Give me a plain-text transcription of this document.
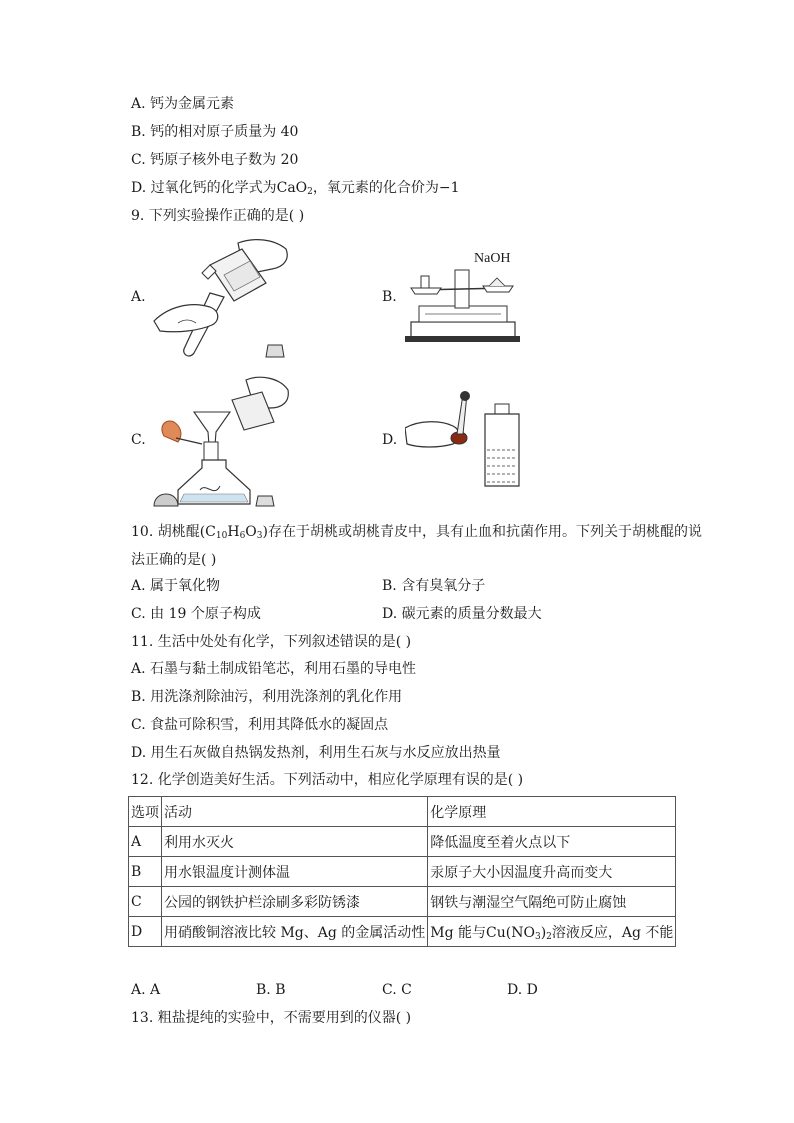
A. 钙为金属元素
B. 钙的相对原子质量为 40
C. 钙原子核外电子数为 20
D. 过氧化钙的化学式为CaO$_2$，氧元素的化合价为−1
9. 下列实验操作正确的是( )
A.	B.
C.	D.
NaOH
10. 胡桃醌$(C_{10}H_6O_3)$存在于胡桃或胡桃青皮中，具有止血和抗菌作用。下列关于胡桃醌的说
法正确的是( )
A. 属于氧化物	B. 含有臭氧分子
C. 由 19 个原子构成	D. 碳元素的质量分数最大
11. 生活中处处有化学，下列叙述错误的是( )
A. 石墨与黏土制成铅笔芯，利用石墨的导电性
B. 用洗涤剂除油污，利用洗涤剂的乳化作用
C. 食盐可除积雪，利用其降低水的凝固点
D. 用生石灰做自热锅发热剂，利用生石灰与水反应放出热量
12. 化学创造美好生活。下列活动中，相应化学原理有误的是( )
选项	活动	化学原理
A	利用水灭火	降低温度至着火点以下
B	用水银温度计测体温	汞原子大小因温度升高而变大
C	公园的钢铁护栏涂刷多彩防锈漆	钢铁与潮湿空气隔绝可防止腐蚀
D	用硝酸铜溶液比较 Mg、Ag 的金属活动性	Mg 能与$Cu(NO_3)_2$溶液反应，Ag 不能
A. A	B. B	C. C	D. D
13. 粗盐提纯的实验中，不需要用到的仪器( )
